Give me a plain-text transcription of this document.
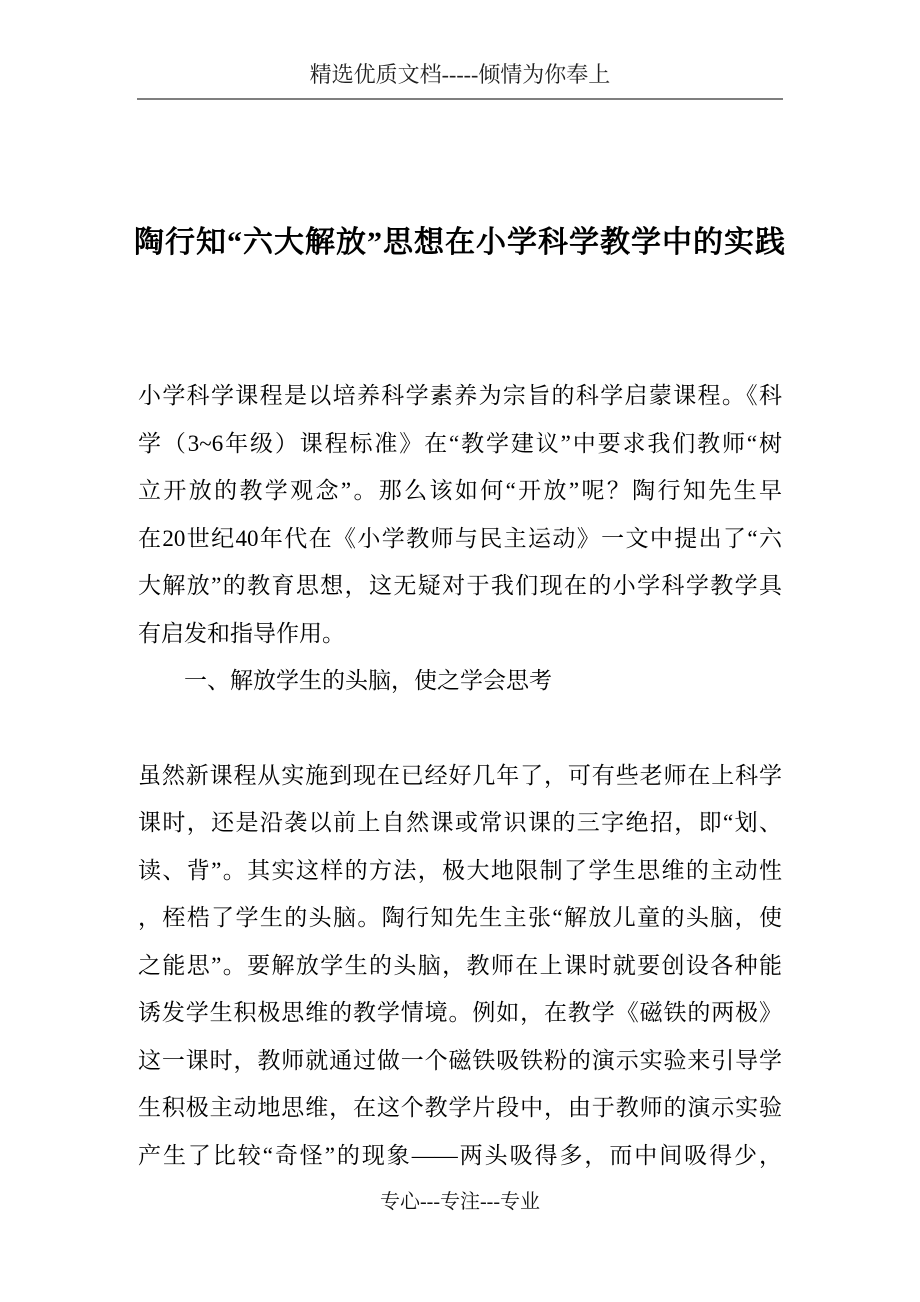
精选优质文档-----倾情为你奉上
陶行知“六大解放”思想在小学科学教学中的实践
小学科学课程是以培养科学素养为宗旨的科学启蒙课程。《科
学（3~6年级）课程标准》在“教学建议”中要求我们教师“树
立开放的教学观念”。那么该如何“开放”呢？陶行知先生早
在20世纪40年代在《小学教师与民主运动》一文中提出了“六
大解放”的教育思想，这无疑对于我们现在的小学科学教学具
有启发和指导作用。
一、解放学生的头脑，使之学会思考
虽然新课程从实施到现在已经好几年了，可有些老师在上科学
课时，还是沿袭以前上自然课或常识课的三字绝招，即“划、
读、背”。其实这样的方法，极大地限制了学生思维的主动性
，桎梏了学生的头脑。陶行知先生主张“解放儿童的头脑，使
之能思”。要解放学生的头脑，教师在上课时就要创设各种能
诱发学生积极思维的教学情境。例如，在教学《磁铁的两极》
这一课时，教师就通过做一个磁铁吸铁粉的演示实验来引导学
生积极主动地思维，在这个教学片段中，由于教师的演示实验
产生了比较“奇怪”的现象——两头吸得多，而中间吸得少，
专心---专注---专业
